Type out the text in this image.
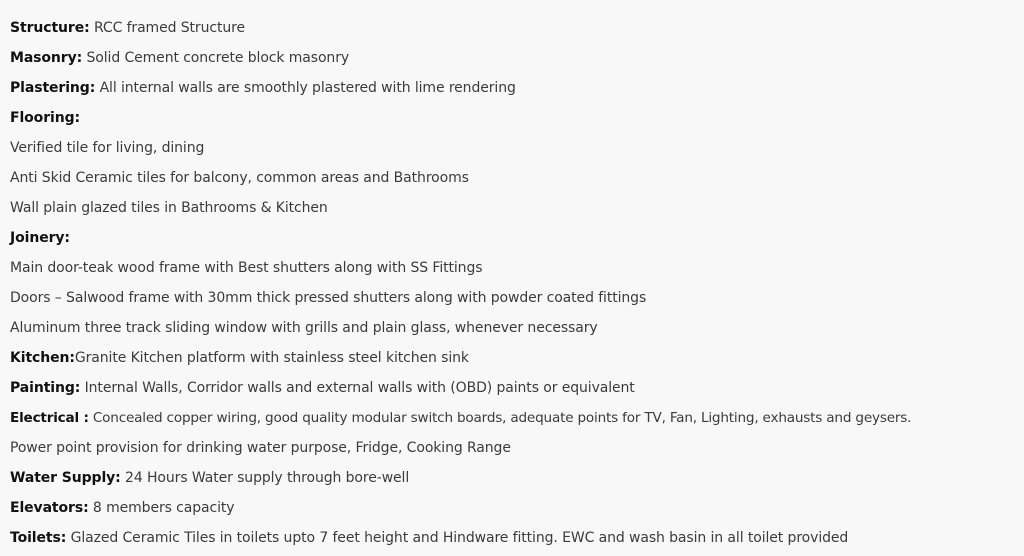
Structure: RCC framed Structure
Masonry: Solid Cement concrete block masonry
Plastering: All internal walls are smoothly plastered with lime rendering
Flooring:
Verified tile for living, dining
Anti Skid Ceramic tiles for balcony, common areas and Bathrooms
Wall plain glazed tiles in Bathrooms & Kitchen
Joinery:
Main door-teak wood frame with Best shutters along with SS Fittings
Doors – Salwood frame with 30mm thick pressed shutters along with powder coated fittings
Aluminum three track sliding window with grills and plain glass, whenever necessary
Kitchen:Granite Kitchen platform with stainless steel kitchen sink
Painting: Internal Walls, Corridor walls and external walls with (OBD) paints or equivalent
Electrical : Concealed copper wiring, good quality modular switch boards, adequate points for TV, Fan, Lighting, exhausts and geysers.
Power point provision for drinking water purpose, Fridge, Cooking Range
Water Supply: 24 Hours Water supply through bore-well
Elevators: 8 members capacity
Toilets: Glazed Ceramic Tiles in toilets upto 7 feet height and Hindware fitting. EWC and wash basin in all toilet provided
